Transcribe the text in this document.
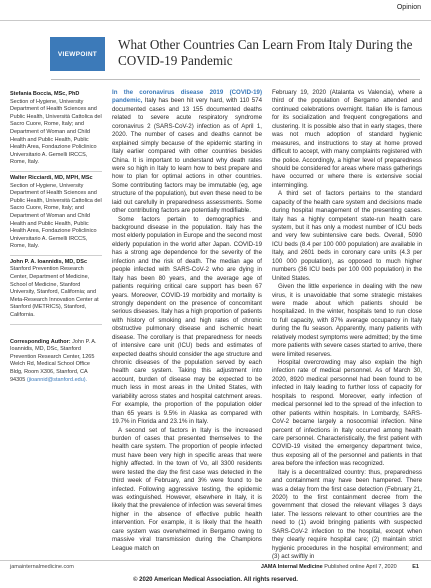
Opinion
VIEWPOINT
What Other Countries Can Learn From Italy During the COVID-19 Pandemic
Stefania Boccia, MSc, PhD
Section of Hygiene, University Department of Health Sciences and Public Health, Università Cattolica del Sacro Cuore, Rome, Italy; and Department of Woman and Child Health and Public Health, Public Health Area, Fondazione Policlinico Universitario A. Gemelli IRCCS, Rome, Italy.
Walter Ricciardi, MD, MPH, MSc
Section of Hygiene, University Department of Health Sciences and Public Health, Università Cattolica del Sacro Cuore, Rome, Italy; and Department of Woman and Child Health and Public Health, Public Health Area, Fondazione Policlinico Universitario A. Gemelli IRCCS, Rome, Italy.
John P. A. Ioannidis, MD, DSc
Stanford Prevention Research Center, Department of Medicine, School of Medicine, Stanford University, Stanford, California; and Meta-Research Innovation Center at Stanford (METRICS), Stanford, California.
Corresponding Author: John P. A. Ioannidis, MD, DSc, Stanford Prevention Research Center, 1265 Welch Rd, Medical School Office Bldg, Room X306, Stanford, CA 94305 (jioannid@stanford.edu).

In the coronavirus disease 2019 (COVID-19) pandemic, Italy has been hit very hard, with 110 574 documented cases and 13 155 documented deaths related to severe acute respiratory syndrome coronavirus 2 (SARS-CoV-2) infection as of April 1, 2020. The number of cases and deaths cannot be explained simply because of the epidemic starting in Italy earlier compared with other countries besides China. It is important to understand why death rates were so high in Italy to learn how to best prepare and how to plan for optimal actions in other countries. Some contributing factors may be immutable (eg, age structure of the population), but even these need to be laid out carefully in preparedness assessments. Some other contributing factors are potentially modifiable.

Some factors pertain to demographics and background disease in the population. Italy has the most elderly population in Europe and the second most elderly population in the world after Japan. COVID-19 has a strong age dependence for the severity of the infection and the risk of death. The median age of people infected with SARS-CoV-2 who are dying in Italy has been 80 years, and the average age of patients requiring critical care support has been 67 years. Moreover, COVID-19 morbidity and mortality is strongly dependent on the presence of concomitant serious diseases. Italy has a high proportion of patients with history of smoking and high rates of chronic obstructive pulmonary disease and ischemic heart disease. The corollary is that preparedness for needs of intensive care unit (ICU) beds and estimates of expected deaths should consider the age structure and chronic diseases of the population served by each health care system. Taking this adjustment into account, burden of disease may be expected to be much less in most areas in the United States, with variability across states and hospital catchment areas. For example, the proportion of the population older than 65 years is 9.5% in Alaska as compared with 19.7% in Florida and 23.1% in Italy.

A second set of factors in Italy is the increased burden of cases that presented themselves to the health care system. The proportion of people infected must have been very high in specific areas that were highly affected. In the town of Vo, all 3300 residents were tested the day the first case was detected in the third week of February, and 3% were found to be infected. Following aggressive testing, the epidemic was extinguished. However, elsewhere in Italy, it is likely that the prevalence of infection was several times higher in the absence of effective public health intervention. For example, it is likely that the health care system was overwhelmed in Bergamo owing to massive viral transmission during the Champions League match on

February 19, 2020 (Atalanta vs Valencia), where a third of the population of Bergamo attended and continued celebrations overnight. Italian life is famous for its socialization and frequent congregations and clustering. It is possible also that in early stages, there was not much adoption of standard hygienic measures, and instructions to stay at home proved difficult to accept, with many complaints registered with the police. Accordingly, a higher level of preparedness should be considered for areas where mass gatherings have occurred or where there is extensive social intermingling.

A third set of factors pertains to the standard capacity of the health care system and decisions made during hospital management of the presenting cases. Italy has a highly competent state-run health care system, but it has only a modest number of ICU beds and very few subintensive care beds. Overall, 5090 ICU beds (8.4 per 100 000 population) are available in Italy, and 2601 beds in coronary care units (4.3 per 100 000 population), as opposed to much higher numbers (36 ICU beds per 100 000 population) in the United States.

Given the little experience in dealing with the new virus, it is unavoidable that some strategic mistakes were made about which patients should be hospitalized. In the winter, hospitals tend to run close to full capacity, with 87% average occupancy in Italy during the flu season. Apparently, many patients with relatively modest symptoms were admitted; by the time more patients with severe cases started to arrive, there were limited reserves.

Hospital overcrowding may also explain the high infection rate of medical personnel. As of March 30, 2020, 8920 medical personnel had been found to be infected in Italy leading to further loss of capacity for hospitals to respond. Moreover, early infection of medical personnel led to the spread of the infection to other patients within hospitals. In Lombardy, SARS-CoV-2 became largely a nosocomial infection. Nine percent of infections in Italy occurred among health care personnel. Characteristically, the first patient with COVID-19 visited the emergency department twice, thus exposing all of the personnel and patients in that area before the infection was recognized.

Italy is a decentralized country: thus, preparedness and containment may have been hampered. There was a delay from the first case detection (February 21, 2020) to the first containment decree from the government that closed the relevant villages 3 days later. The lessons relevant to other countries are the need to (1) avoid bringing patients with suspected SARS-CoV-2 infection to the hospital, except when they clearly require hospital care; (2) maintain strict hygienic procedures in the hospital environment; and (3) act swiftly in

jamainternalmedicine.com	JAMA Internal Medicine Published online April 7, 2020	E1
© 2020 American Medical Association. All rights reserved.
